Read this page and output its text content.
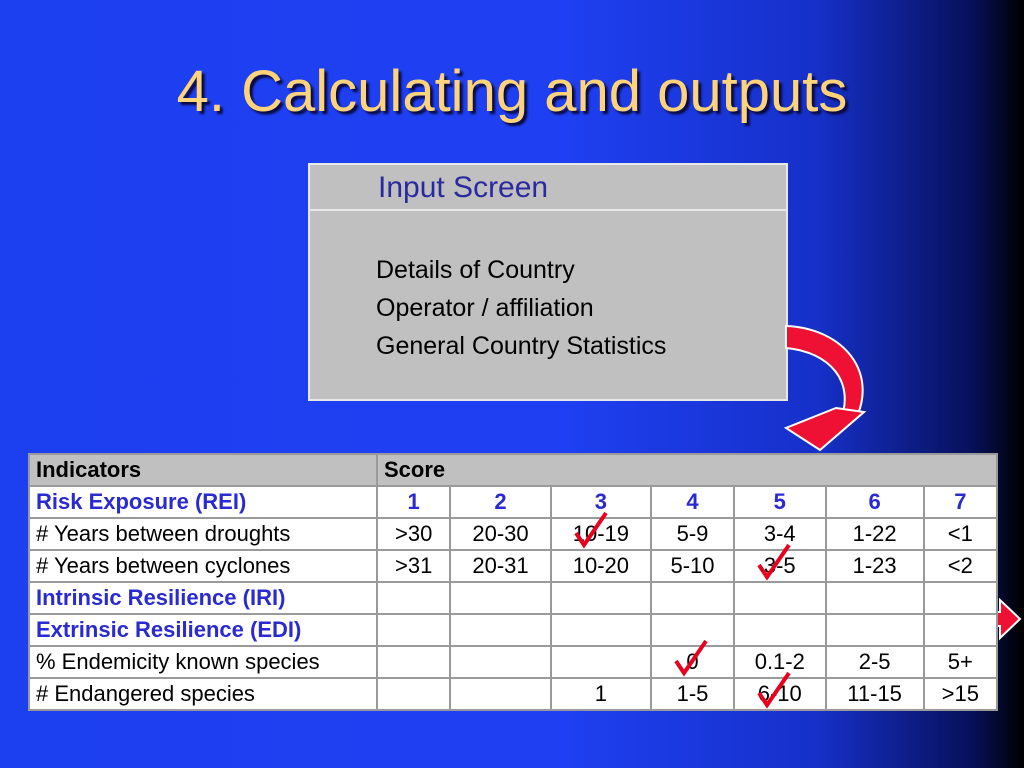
4. Calculating and outputs
Input Screen
Details of Country
Operator / affiliation
General Country Statistics
Indicators	Score						
Risk Exposure (REI)	1	2	3	4	5	6	7
# Years between droughts	>30	20-30	10-19	5-9	3-4	1-22	<1
# Years between cyclones	>31	20-31	10-20	5-10	3-5	1-23	<2
Intrinsic Resilience (IRI)							
Extrinsic Resilience (EDI)							
% Endemicity known species				0	0.1-2	2-5	5+
# Endangered species			1	1-5	6-10	11-15	>15
